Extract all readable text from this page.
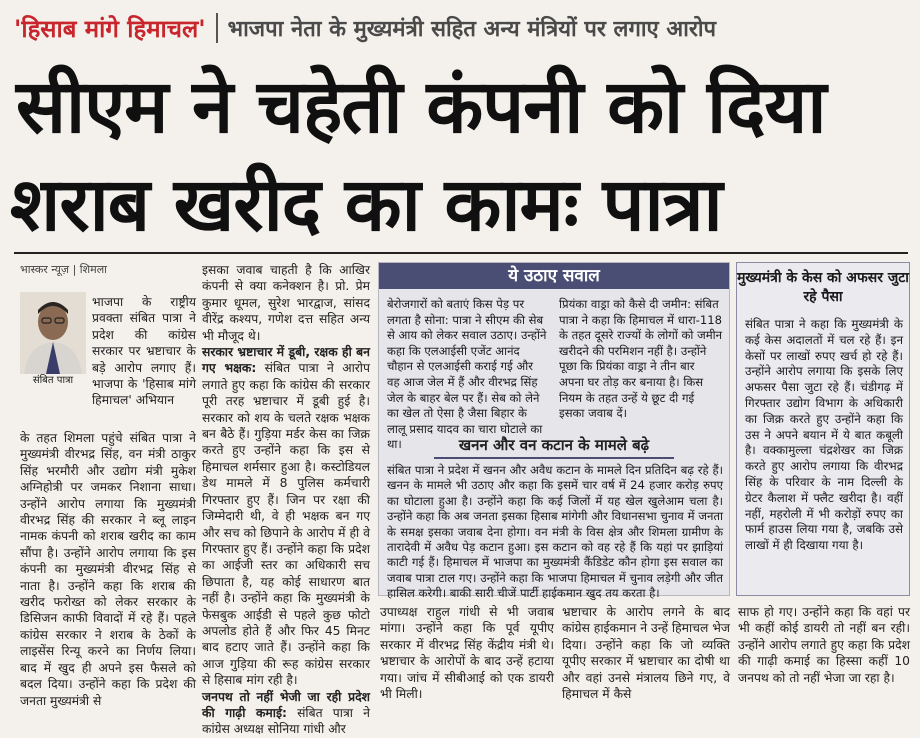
'हिसाब मांगे हिमाचल' भाजपा नेता के मुख्यमंत्री सहित अन्य मंत्रियों पर लगाए आरोप
सीएम ने चहेती कंपनी को दिया
शराब खरीद का कामः पात्रा
भास्कर न्यूज़ | शिमला
संबित पात्रा

भाजपा के राष्ट्रीय प्रवक्ता संबित पात्रा ने प्रदेश की कांग्रेस सरकार पर भ्रष्टाचार के बड़े आरोप लगाए हैं। भाजपा के 'हिसाब मांगे हिमाचल' अभियान

के तहत शिमला पहुंचे संबित पात्रा ने मुख्यमंत्री वीरभद्र सिंह, वन मंत्री ठाकुर सिंह भरमौरी और उद्योग मंत्री मुकेश अग्निहोत्री पर जमकर निशाना साधा। उन्होंने आरोप लगाया कि मुख्यमंत्री वीरभद्र सिंह की सरकार ने ब्लू लाइन नामक कंपनी को शराब खरीद का काम सौंपा है। उन्होंने आरोप लगाया कि इस कंपनी का मुख्यमंत्री वीरभद्र सिंह से नाता है। उन्होंने कहा कि शराब की खरीद फरोख्त को लेकर सरकार के डिसिजन काफी विवादों में रहे हैं। पहले कांग्रेस सरकार ने शराब के ठेकों के लाइसेंस रिन्यू करने का निर्णय लिया। बाद में खुद ही अपने इस फैसले को बदल दिया। उन्होंने कहा कि प्रदेश की जनता मुख्यमंत्री से

इसका जवाब चाहती है कि आखिर कंपनी से क्या कनेक्शन है। प्रो. प्रेम कुमार धूमल, सुरेश भारद्वाज, सांसद वीरेंद्र कश्यप, गणेश दत्त सहित अन्य भी मौजूद थे।

सरकार भ्रष्टाचार में डूबी, रक्षक ही बन गए भक्षक: संबित पात्रा ने आरोप लगाते हुए कहा कि कांग्रेस की सरकार पूरी तरह भ्रष्टाचार में डूबी हुई है। सरकार को शय के चलते रक्षक भक्षक बन बैठे हैं। गुड़िया मर्डर केस का जिक्र करते हुए उन्होंने कहा कि इस से हिमाचल शर्मसार हुआ है। कस्टोडियल डेथ मामले में 8 पुलिस कर्मचारी गिरफ्तार हुए हैं। जिन पर रक्षा की जिम्मेदारी थी, वे ही भक्षक बन गए और सच को छिपाने के आरोप में ही वे गिरफ्तार हुए हैं। उन्होंने कहा कि प्रदेश का आईजी स्तर का अधिकारी सच छिपाता है, यह कोई साधारण बात नहीं है। उन्होंने कहा कि मुख्यमंत्री के फेसबुक आईडी से पहले कुछ फोटो अपलोड होते हैं और फिर 45 मिनट बाद हटाए जाते हैं। उन्होंने कहा कि आज गुड़िया की रूह कांग्रेस सरकार से हिसाब मांग रही है।

जनपथ तो नहीं भेजी जा रही प्रदेश की गाढ़ी कमाई: संबित पात्रा ने कांग्रेस अध्यक्ष सोनिया गांधी और

ये उठाए सवाल
बेरोजगारों को बताएं किस पेड़ पर लगता है सोना: पात्रा ने सीएम की सेब से आय को लेकर सवाल उठाए। उन्होंने कहा कि एलआईसी एजेंट आनंद चौहान से एलआईसी कराई गई और वह आज जेल में हैं और वीरभद्र सिंह जेल के बाहर बेल पर हैं। सेब को लेने का खेल तो ऐसा है जैसा बिहार के लालू प्रसाद यादव का चारा घोटाले का था।
प्रियंका वाड्रा को कैसे दी जमीन: संबित पात्रा ने कहा कि हिमाचल में धारा-118 के तहत दूसरे राज्यों के लोगों को जमीन खरीदने की परमिशन नहीं है। उन्होंने पूछा कि प्रियंका वाड्रा ने तीन बार अपना घर तोड़ कर बनाया है। किस नियम के तहत उन्हें ये छूट दी गई इसका जवाब दें।
खनन और वन कटान के मामले बढ़े
संबित पात्रा ने प्रदेश में खनन और अवैध कटान के मामले दिन प्रतिदिन बढ़ रहे हैं। खनन के मामले भी उठाए और कहा कि इसमें चार वर्ष में 24 हजार करोड़ रुपए का घोटाला हुआ है। उन्होंने कहा कि कई जिलों में यह खेल खुलेआम चला है। उन्होंने कहा कि अब जनता इसका हिसाब मांगेगी और विधानसभा चुनाव में जनता के समक्ष इसका जवाब देना होगा। वन मंत्री के विस क्षेत्र और शिमला ग्रामीण के तारादेवी में अवैध पेड़ कटान हुआ। इस कटान को वह रहे हैं कि यहां पर झाड़ियां काटी गई हैं। हिमाचल में भाजपा का मुख्यमंत्री कैंडिडेट कौन होगा इस सवाल का जवाब पात्रा टाल गए। उन्होंने कहा कि भाजपा हिमाचल में चुनाव लड़ेगी और जीत हासिल करेगी। बाकी सारी चीजें पार्टी हाईकमान खुद तय करता है।

उपाध्यक्ष राहुल गांधी से भी जवाब मांगा। उन्होंने कहा कि पूर्व यूपीए सरकार में वीरभद्र सिंह केंद्रीय मंत्री थे। भ्रष्टाचार के आरोपों के बाद उन्हें हटाया गया। जांच में सीबीआई को एक डायरी भी मिली।

भ्रष्टाचार के आरोप लगने के बाद कांग्रेस हाईकमान ने उन्हें हिमाचल भेज दिया। उन्होंने कहा कि जो व्यक्ति यूपीए सरकार में भ्रष्टाचार का दोषी था और वहां उनसे मंत्रालय छिने गए, वे हिमाचल में कैसे

मुख्यमंत्री के केस को अफसर जुटा रहे पैसा
संबित पात्रा ने कहा कि मुख्यमंत्री के कई केस अदालतों में चल रहे हैं। इन केसों पर लाखों रुपए खर्च हो रहे हैं। उन्होंने आरोप लगाया कि इसके लिए अफसर पैसा जुटा रहे हैं। चंडीगढ़ में गिरफ्तार उद्योग विभाग के अधिकारी का जिक्र करते हुए उन्होंने कहा कि उस ने अपने बयान में ये बात कबूली है। वक्कामुल्ला चंद्रशेखर का जिक्र करते हुए आरोप लगाया कि वीरभद्र सिंह के परिवार के नाम दिल्ली के ग्रेटर कैलाश में फ्लैट खरीदा है। वहीं नहीं, महरोली में भी करोड़ों रुपए का फार्म हाउस लिया गया है, जबकि उसे लाखों में ही दिखाया गया है।

साफ हो गए। उन्होंने कहा कि वहां पर भी कहीं कोई डायरी तो नहीं बन रही। उन्होंने आरोप लगाते हुए कहा कि प्रदेश की गाढ़ी कमाई का हिस्सा कहीं 10 जनपथ को तो नहीं भेजा जा रहा है।
